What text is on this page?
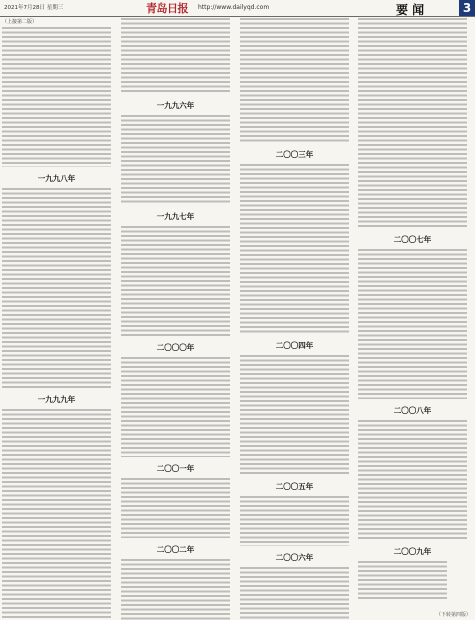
2021年7月28日 星期三	青岛日报 http://www.dailyqd.com	要 闻	3
（上接第二版）
一九九八年
一九九九年
一九九六年
一九九七年
二〇〇〇年
二〇〇一年
二〇〇二年
二〇〇三年
二〇〇四年
二〇〇五年
二〇〇六年
二〇〇七年
二〇〇八年
二〇〇九年
（下转第四版）
